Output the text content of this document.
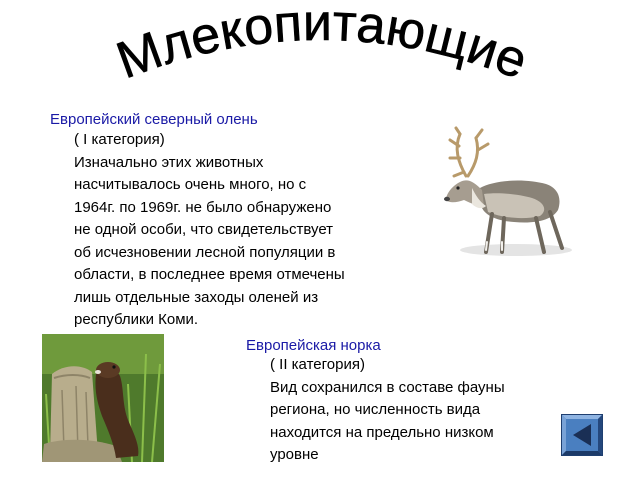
Млекопитающие
Европейский северный олень
( I категория)
Изначально этих животных
насчитывалось очень много, но с
1964г. по 1969г. не было обнаружено
не одной особи, что свидетельствует
об исчезновении лесной популяции в
области, в последнее время отмечены
лишь отдельные заходы оленей из
республики Коми.
Европейская норка
( II категория)
Вид сохранился в составе фауны
региона, но численность вида
находится на предельно низком
уровне
